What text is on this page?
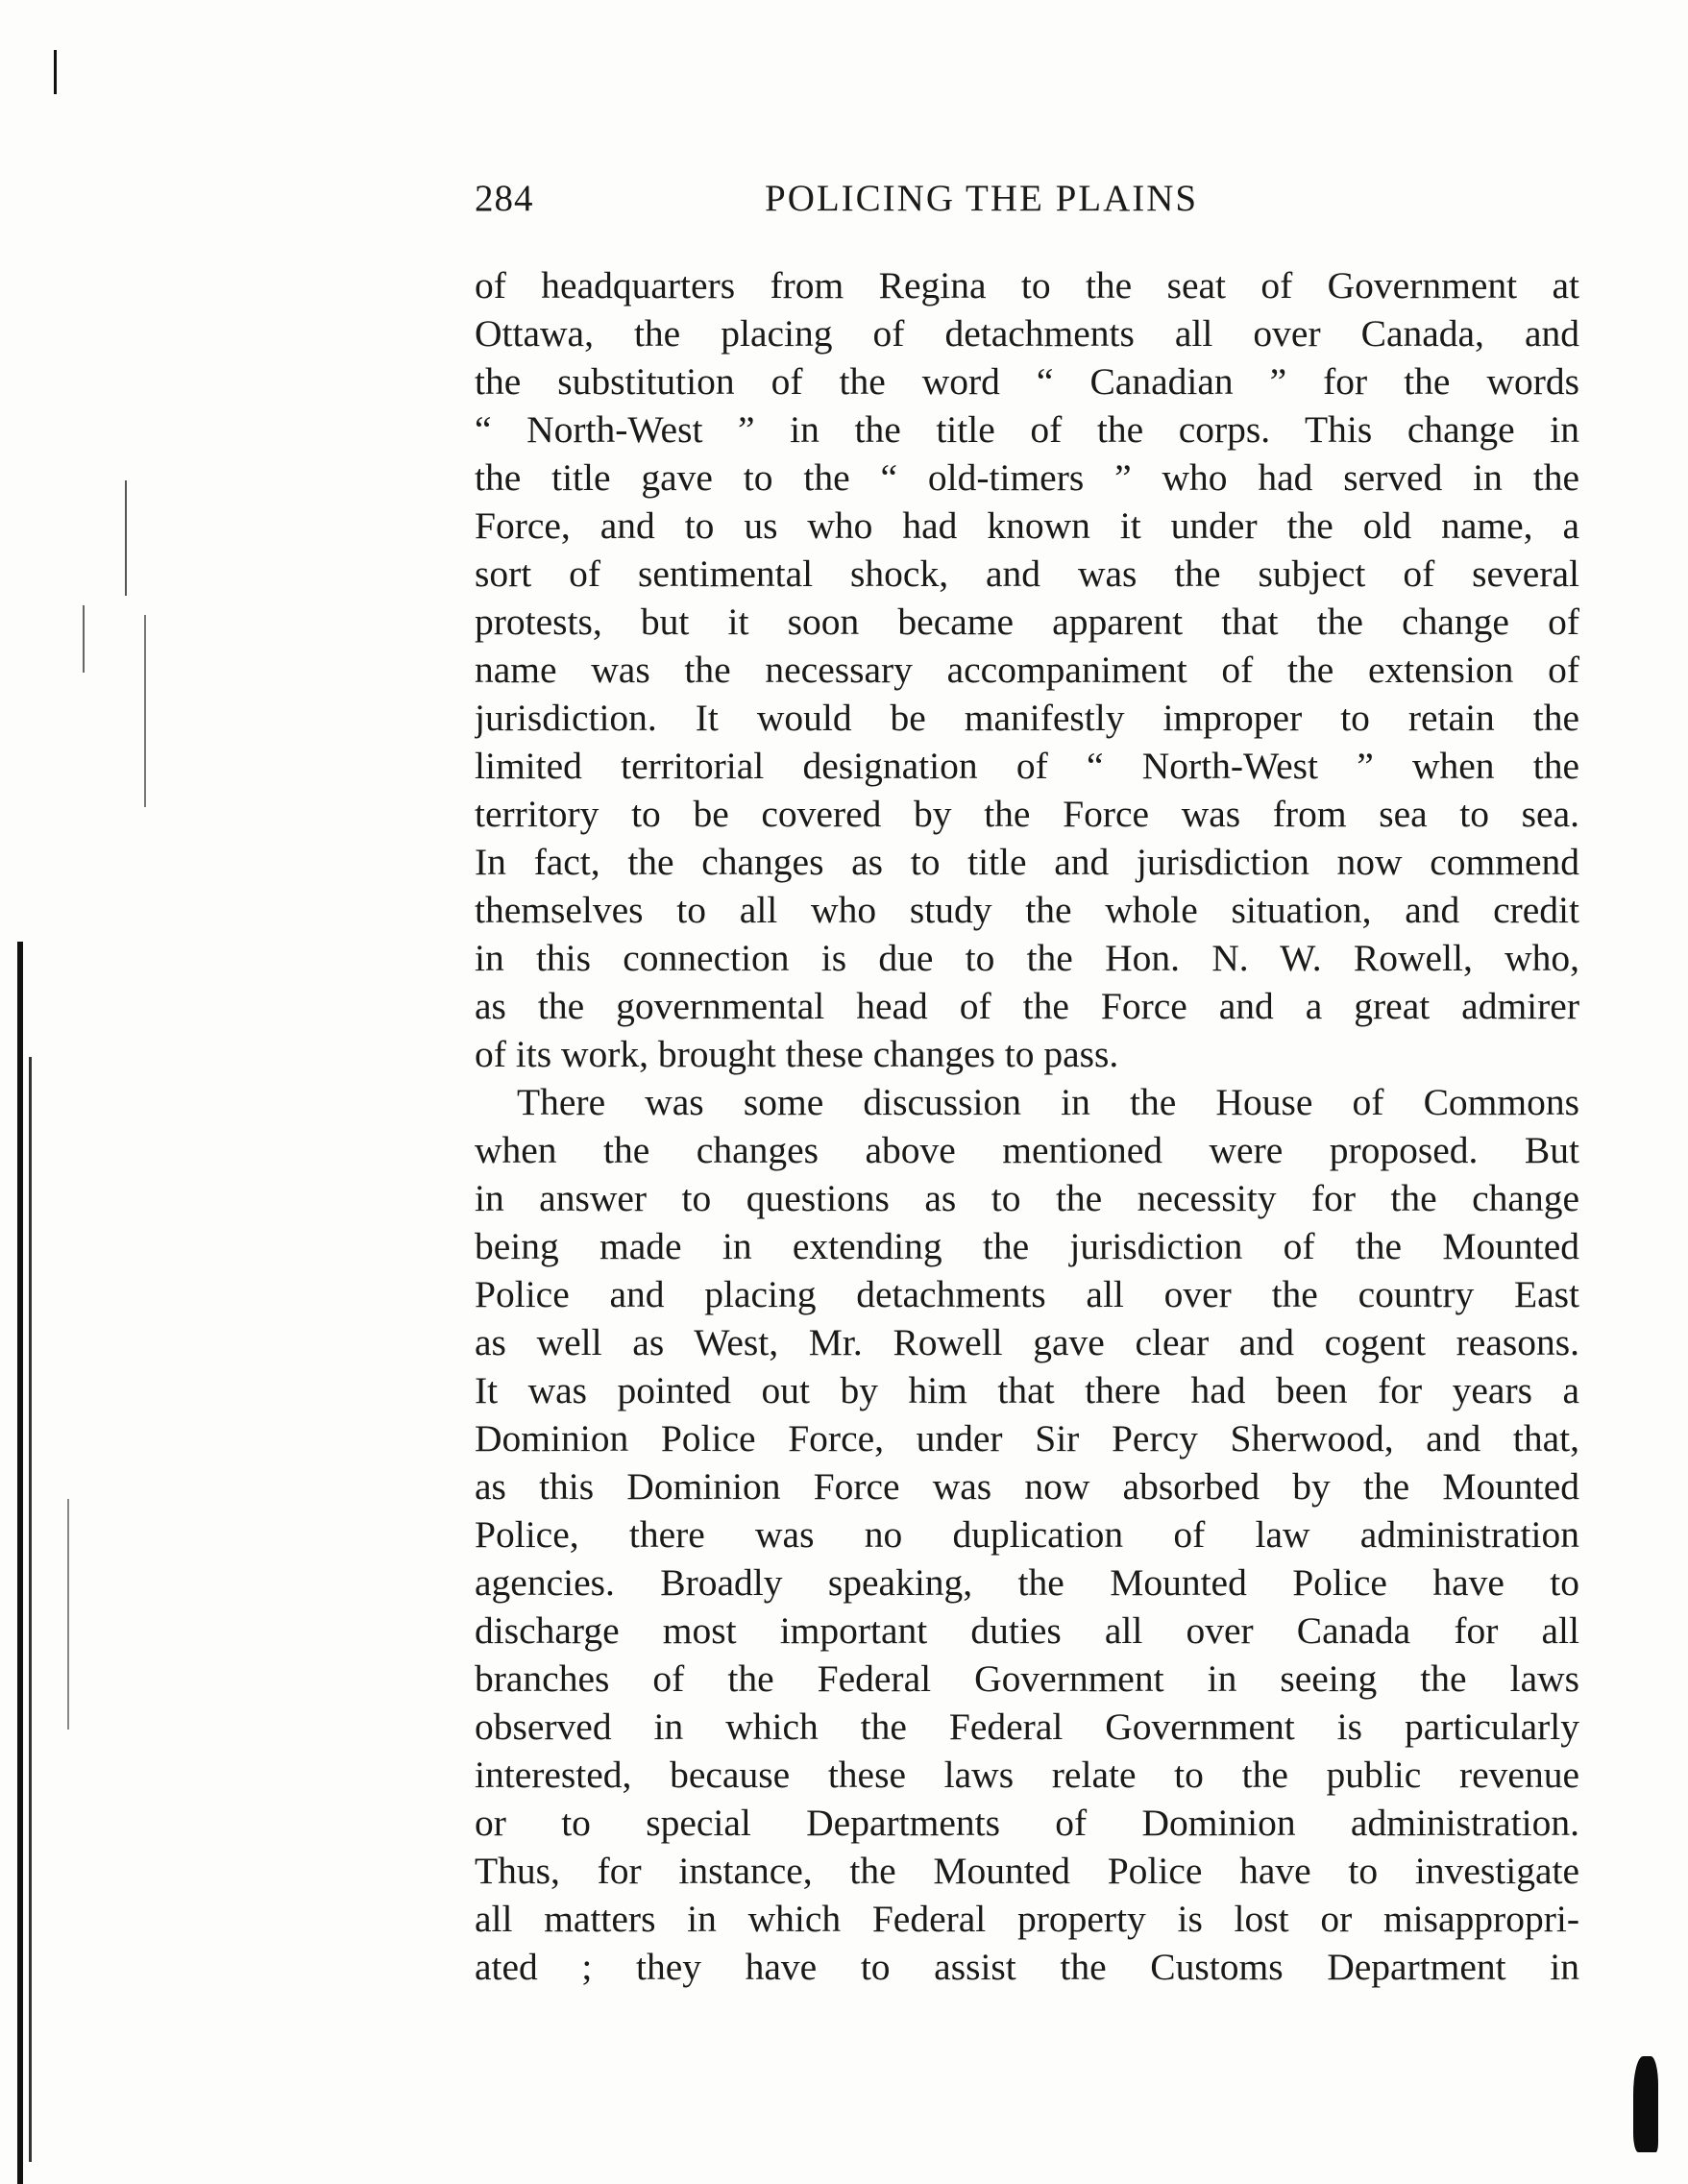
284	POLICING THE PLAINS
of headquarters from Regina to the seat of Government at
Ottawa, the placing of detachments all over Canada, and
the substitution of the word “ Canadian ” for the words
“ North-West ” in the title of the corps. This change in
the title gave to the “ old-timers ” who had served in the
Force, and to us who had known it under the old name, a
sort of sentimental shock, and was the subject of several
protests, but it soon became apparent that the change of
name was the necessary accompaniment of the extension of
jurisdiction. It would be manifestly improper to retain the
limited territorial designation of “ North-West ” when the
territory to be covered by the Force was from sea to sea.
In fact, the changes as to title and jurisdiction now commend
themselves to all who study the whole situation, and credit
in this connection is due to the Hon. N. W. Rowell, who,
as the governmental head of the Force and a great admirer
of its work, brought these changes to pass.
There was some discussion in the House of Commons
when the changes above mentioned were proposed. But
in answer to questions as to the necessity for the change
being made in extending the jurisdiction of the Mounted
Police and placing detachments all over the country East
as well as West, Mr. Rowell gave clear and cogent reasons.
It was pointed out by him that there had been for years a
Dominion Police Force, under Sir Percy Sherwood, and that,
as this Dominion Force was now absorbed by the Mounted
Police, there was no duplication of law administration
agencies. Broadly speaking, the Mounted Police have to
discharge most important duties all over Canada for all
branches of the Federal Government in seeing the laws
observed in which the Federal Government is particularly
interested, because these laws relate to the public revenue
or to special Departments of Dominion administration.
Thus, for instance, the Mounted Police have to investigate
all matters in which Federal property is lost or misappropri-
ated ; they have to assist the Customs Department in
